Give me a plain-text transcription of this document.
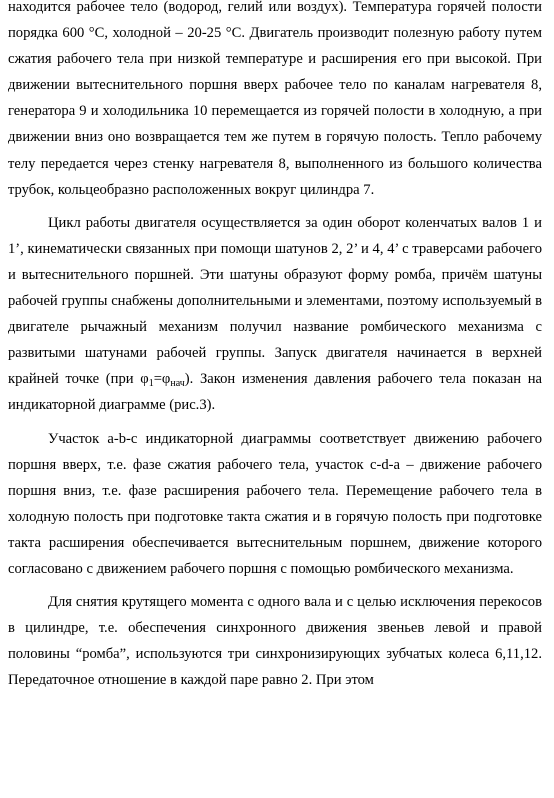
находится рабочее тело (водород, гелий или воздух). Температура горячей полости порядка 600 °С, холодной – 20-25 °С. Двигатель производит полезную работу путем сжатия рабочего тела при низкой температуре и расширения его при высокой. При движении вытеснительного поршня вверх рабочее тело по каналам нагревателя 8, генератора 9 и холодильника 10 перемещается из горячей полости в холодную, а при движении вниз оно возвращается тем же путем в горячую полость. Тепло рабочему телу передается через стенку нагревателя 8, выполненного из большого количества трубок, кольцеобразно расположенных вокруг цилиндра 7.

Цикл работы двигателя осуществляется за один оборот коленчатых валов 1 и 1’, кинематически связанных при помощи шатунов 2, 2’ и 4, 4’ с траверсами рабочего и вытеснительного поршней. Эти шатуны образуют форму ромба, причём шатуны рабочей группы снабжены дополнительными и элементами, поэтому используемый в двигателе рычажный механизм получил название ромбического механизма с развитыми шатунами рабочей группы. Запуск двигателя начинается в верхней крайней точке (при $\varphi_1=\varphi_{нач}$). Закон изменения давления рабочего тела показан на индикаторной диаграмме (рис.3).

Участок a-b-c индикаторной диаграммы соответствует движению рабочего поршня вверх, т.е. фазе сжатия рабочего тела, участок c-d-a – движение рабочего поршня вниз, т.е. фазе расширения рабочего тела. Перемещение рабочего тела в холодную полость при подготовке такта сжатия и в горячую полость при подготовке такта расширения обеспечивается вытеснительным поршнем, движение которого согласовано с движением рабочего поршня с помощью ромбического механизма.

Для снятия крутящего момента с одного вала и с целью исключения перекосов в цилиндре, т.е. обеспечения синхронного движения звеньев левой и правой половины “ромба”, используются три синхронизирующих зубчатых колеса 6,11,12. Передаточное отношение в каждой паре равно 2. При этом
